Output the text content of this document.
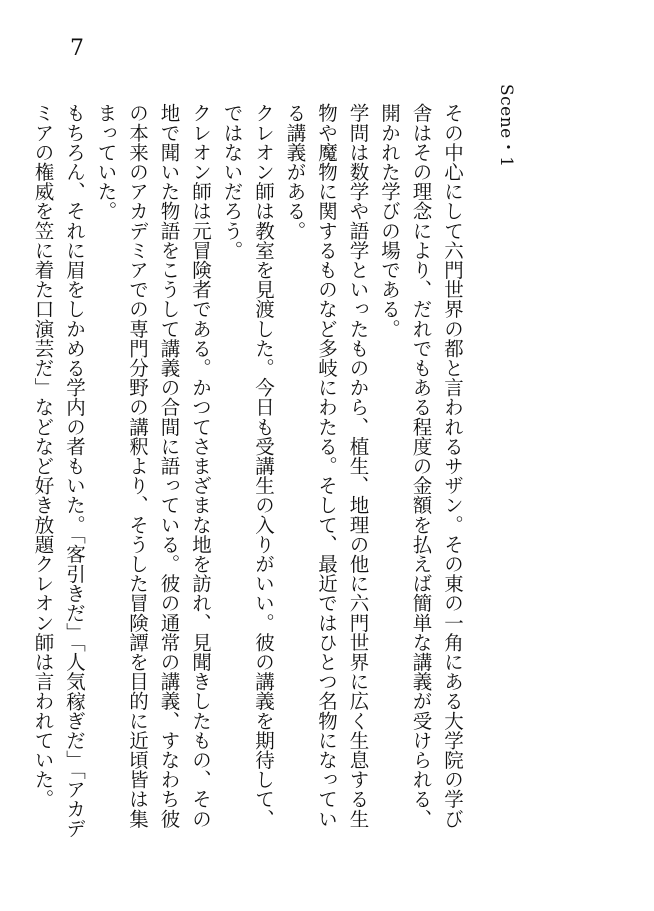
7
Scene・1

その中心にして六門世界の都と言われるサザン。その東の一角にある大学院の学び舎はその理念により、だれでもある程度の金額を払えば簡単な講義が受けられる、開かれた学びの場である。

学問は数学や語学といったものから、植生、地理の他に六門世界に広く生息する生物や魔物に関するものなど多岐にわたる。そして、最近ではひとつ名物になっている講義がある。

クレオン師は教室を見渡した。今日も受講生の入りがいい。彼の講義を期待して、ではないだろう。

クレオン師は元冒険者である。かつてさまざまな地を訪れ、見聞きしたもの、その地で聞いた物語をこうして講義の合間に語っている。彼の通常の講義、すなわち彼の本来のアカデミアでの専門分野の講釈より、そうした冒険譚を目的に近頃皆は集まっていた。

もちろん、それに眉をしかめる学内の者もいた。「客引きだ」「人気稼ぎだ」「アカデミアの権威を笠に着た口演芸だ」などなど好き放題クレオン師は言われていた。
